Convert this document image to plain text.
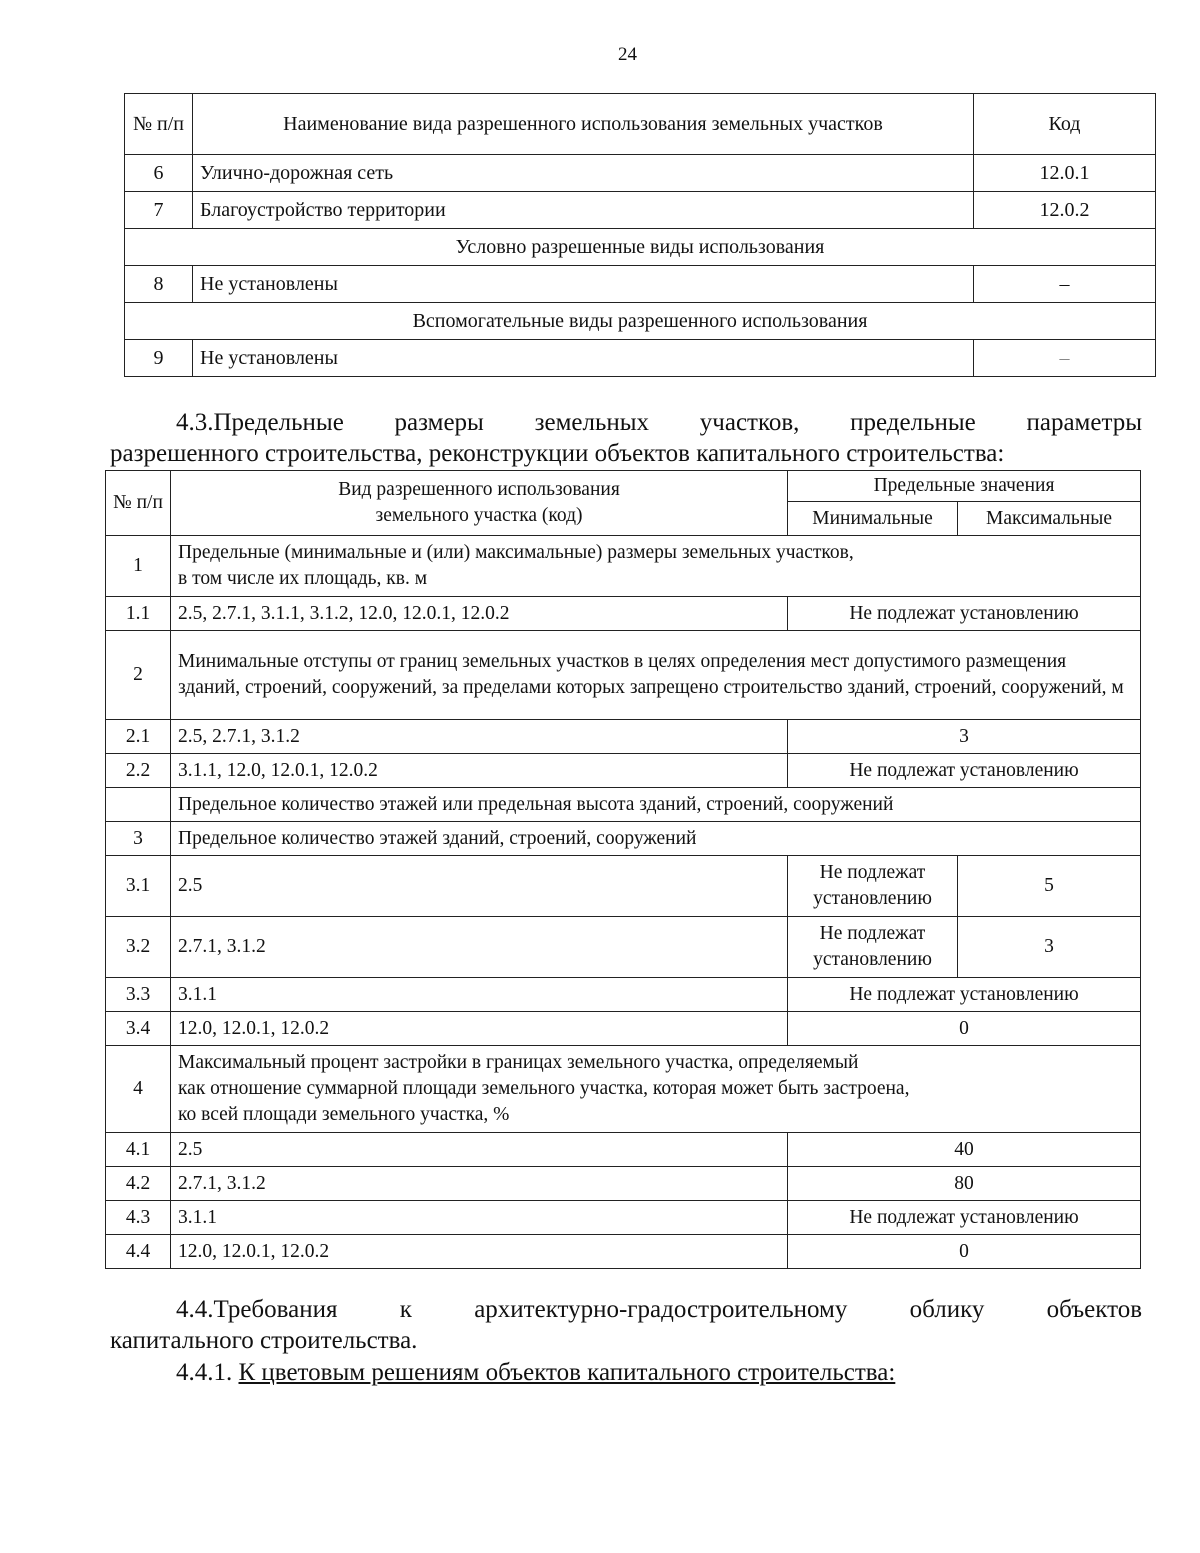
24
№ п/п	Наименование вида разрешенного использования земельных участков	Код
6	Улично-дорожная сеть	12.0.1
7	Благоустройство территории	12.0.2
Условно разрешенные виды использования		
8	Не установлены	–
Вспомогательные виды разрешенного использования		
9	Не установлены	–

4.3.Предельные размеры земельных участков, предельные параметры

разрешенного строительства, реконструкции объектов капитального строительства:

№ п/п	Вид разрешенного использования земельного участка (код)	Предельные значения	
		Минимальные	Максимальные
1	Предельные (минимальные и (или) максимальные) размеры земельных участков,
в том числе их площадь, кв. м		
1.1	2.5, 2.7.1, 3.1.1, 3.1.2, 12.0, 12.0.1, 12.0.2	Не подлежат установлению	
2	Минимальные отступы от границ земельных участков в целях определения мест допустимого размещения зданий, строений, сооружений, за пределами которых запрещено строительство зданий, строений, сооружений, м		
2.1	2.5, 2.7.1, 3.1.2	3	
2.2	3.1.1, 12.0, 12.0.1, 12.0.2	Не подлежат установлению	
	Предельное количество этажей или предельная высота зданий, строений, сооружений		
3	Предельное количество этажей зданий, строений, сооружений		
3.1	2.5	Не подлежат установлению	5
3.2	2.7.1, 3.1.2	Не подлежат установлению	3
3.3	3.1.1	Не подлежат установлению	
3.4	12.0, 12.0.1, 12.0.2	0	
4	Максимальный процент застройки в границах земельного участка, определяемый
как отношение суммарной площади земельного участка, которая может быть застроена,
ко всей площади земельного участка, %		
4.1	2.5	40	
4.2	2.7.1, 3.1.2	80	
4.3	3.1.1	Не подлежат установлению	
4.4	12.0, 12.0.1, 12.0.2	0	

4.4.Требования к архитектурно-градостроительному облику объектов

капитального строительства.

4.4.1. К цветовым решениям объектов капитального строительства:
